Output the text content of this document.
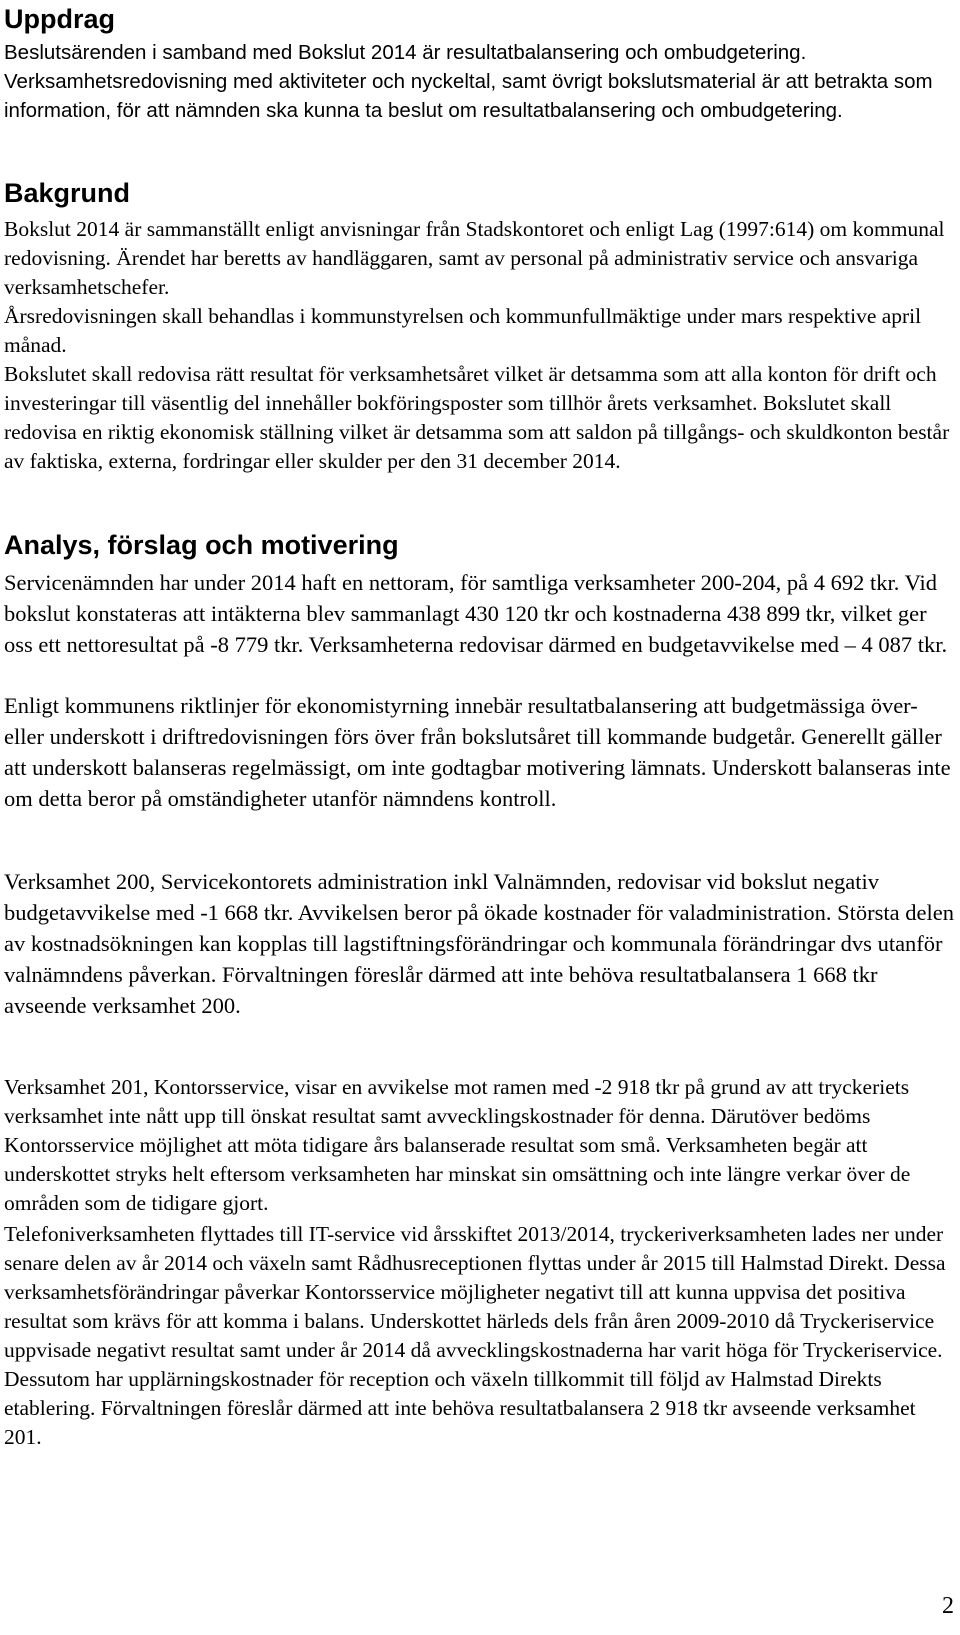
Uppdrag

Beslutsärenden i samband med Bokslut 2014 är resultatbalansering och ombudgetering. Verksamhetsredovisning med aktiviteter och nyckeltal, samt övrigt bokslutsmaterial är att betrakta som information, för att nämnden ska kunna ta beslut om resultatbalansering och ombudgetering.

Bakgrund

Bokslut 2014 är sammanställt enligt anvisningar från Stadskontoret och enligt Lag (1997:614) om kommunal redovisning. Ärendet har beretts av handläggaren, samt av personal på administrativ service och ansvariga verksamhetschefer.

Årsredovisningen skall behandlas i kommunstyrelsen och kommunfullmäktige under mars respektive april månad.

Bokslutet skall redovisa rätt resultat för verksamhetsåret vilket är detsamma som att alla konton för drift och investeringar till väsentlig del innehåller bokföringsposter som tillhör årets verksamhet. Bokslutet skall redovisa en riktig ekonomisk ställning vilket är detsamma som att saldon på tillgångs- och skuldkonton består av faktiska, externa, fordringar eller skulder per den 31 december 2014.

Analys, förslag och motivering

Servicenämnden har under 2014 haft en nettoram, för samtliga verksamheter 200-204, på 4 692 tkr. Vid bokslut konstateras att intäkterna blev sammanlagt 430 120 tkr och kostnaderna 438 899 tkr, vilket ger oss ett nettoresultat på -8 779 tkr. Verksamheterna redovisar därmed en budgetavvikelse med – 4 087 tkr.

Enligt kommunens riktlinjer för ekonomistyrning innebär resultatbalansering att budgetmässiga över- eller underskott i driftredovisningen förs över från bokslutsåret till kommande budgetår. Generellt gäller att underskott balanseras regelmässigt, om inte godtagbar motivering lämnats. Underskott balanseras inte om detta beror på omständigheter utanför nämndens kontroll.

Verksamhet 200, Servicekontorets administration inkl Valnämnden, redovisar vid bokslut negativ budgetavvikelse med -1 668 tkr. Avvikelsen beror på ökade kostnader för valadministration. Största delen av kostnadsökningen kan kopplas till lagstiftningsförändringar och kommunala förändringar dvs utanför valnämndens påverkan. Förvaltningen föreslår därmed att inte behöva resultatbalansera 1 668 tkr avseende verksamhet 200.

Verksamhet 201, Kontorsservice, visar en avvikelse mot ramen med -2 918 tkr på grund av att tryckeriets verksamhet inte nått upp till önskat resultat samt avvecklingskostnader för denna. Därutöver bedöms Kontorsservice möjlighet att möta tidigare års balanserade resultat som små. Verksamheten begär att underskottet stryks helt eftersom verksamheten har minskat sin omsättning och inte längre verkar över de områden som de tidigare gjort.

Telefoniverksamheten flyttades till IT-service vid årsskiftet 2013/2014, tryckeriverksamheten lades ner under senare delen av år 2014 och växeln samt Rådhusreceptionen flyttas under år 2015 till Halmstad Direkt. Dessa verksamhetsförändringar påverkar Kontorsservice möjligheter negativt till att kunna uppvisa det positiva resultat som krävs för att komma i balans. Underskottet härleds dels från åren 2009-2010 då Tryckeriservice uppvisade negativt resultat samt under år 2014 då avvecklingskostnaderna har varit höga för Tryckeriservice. Dessutom har upplärningskostnader för reception och växeln tillkommit till följd av Halmstad Direkts etablering. Förvaltningen föreslår därmed att inte behöva resultatbalansera 2 918 tkr avseende verksamhet 201.

2
